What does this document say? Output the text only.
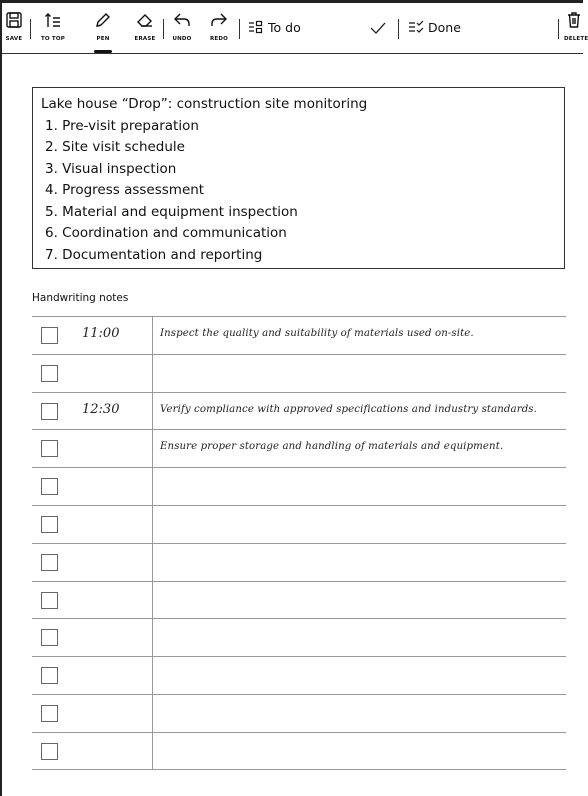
SAVE	TO TOP	PEN	ERASE	UNDO	REDO
To do	Done
DELETE
Lake house “Drop”: construction site monitoring
1. Pre-visit preparation
2. Site visit schedule
3. Visual inspection
4. Progress assessment
5. Material and equipment inspection
6. Coordination and communication
7. Documentation and reporting
Handwriting notes
11:00	Inspect the quality and suitability of materials used on-site.
12:30	Verify compliance with approved specifications and industry standards.
Ensure proper storage and handling of materials and equipment.
